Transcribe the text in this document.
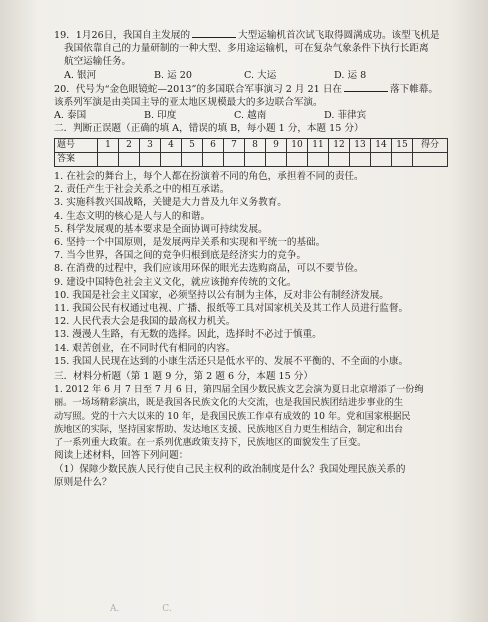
19．1月26日，我国自主发展的	大型运输机首次试飞取得圆满成功。该型飞机是
我国依靠自己的力量研制的一种大型、多用途运输机，可在复杂气象条件下执行长距离
航空运输任务。
A. 银河	B. 运 20	C. 大运	D. 运 8
20．代号为“金色眼镜蛇—2013”的多国联合军事演习 2 月 21 日在	落下帷幕。
该系列军演是由美国主导的亚太地区规模最大的多边联合军演。
A. 泰国	B. 印度	C. 越南	D. 菲律宾
二．判断正误题（正确的填 A，错误的填 B，每小题 1 分，本题 15 分）
题号	1	2	3	4	5	6	7	8	9	10	11	12	13	14	15	得分
答案																
1. 在社会的舞台上，每个人都在扮演着不同的角色，承担着不同的责任。
2. 责任产生于社会关系之中的相互承诺。
3. 实施科教兴国战略，关键是大力普及九年义务教育。
4. 生态文明的核心是人与人的和谐。
5. 科学发展观的基本要求是全面协调可持续发展。
6. 坚持一个中国原则，是发展两岸关系和实现和平统一的基础。
7. 当今世界，各国之间的竞争归根到底是经济实力的竞争。
8. 在消费的过程中，我们应该用环保的眼光去选购商品，可以不要节俭。
9. 建设中国特色社会主义文化，就应该抛弃传统的文化。
10. 我国是社会主义国家，必须坚持以公有制为主体，反对非公有制经济发展。
11. 我国公民有权通过电视、广播、报纸等工具对国家机关及其工作人员进行监督。
12. 人民代表大会是我国的最高权力机关。
13. 漫漫人生路，有无数的选择。因此，选择时不必过于慎重。
14. 艰苦创业，在不同时代有相同的内容。
15. 我国人民现在达到的小康生活还只是低水平的、发展不平衡的、不全面的小康。
三．材料分析题（第 1 题 9 分，第 2 题 6 分，本题 15 分）
1. 2012 年 6 月 7 日至 7 月 6 日，第四届全国少数民族文艺会演为夏日北京增添了一份绚
丽。一场场精彩演出，既是我国各民族文化的大交流，也是我国民族团结进步事业的生
动写照。党的十六大以来的 10 年，是我国民族工作卓有成效的 10 年。党和国家根据民
族地区的实际，坚持国家帮助、发达地区支援、民族地区自力更生相结合，制定和出台
了一系列重大政策。在一系列优惠政策支持下，民族地区的面貌发生了巨变。
阅读上述材料，回答下列问题：
（1）保障少数民族人民行使自己民主权利的政治制度是什么？我国处理民族关系的
原则是什么？
A.	C.
